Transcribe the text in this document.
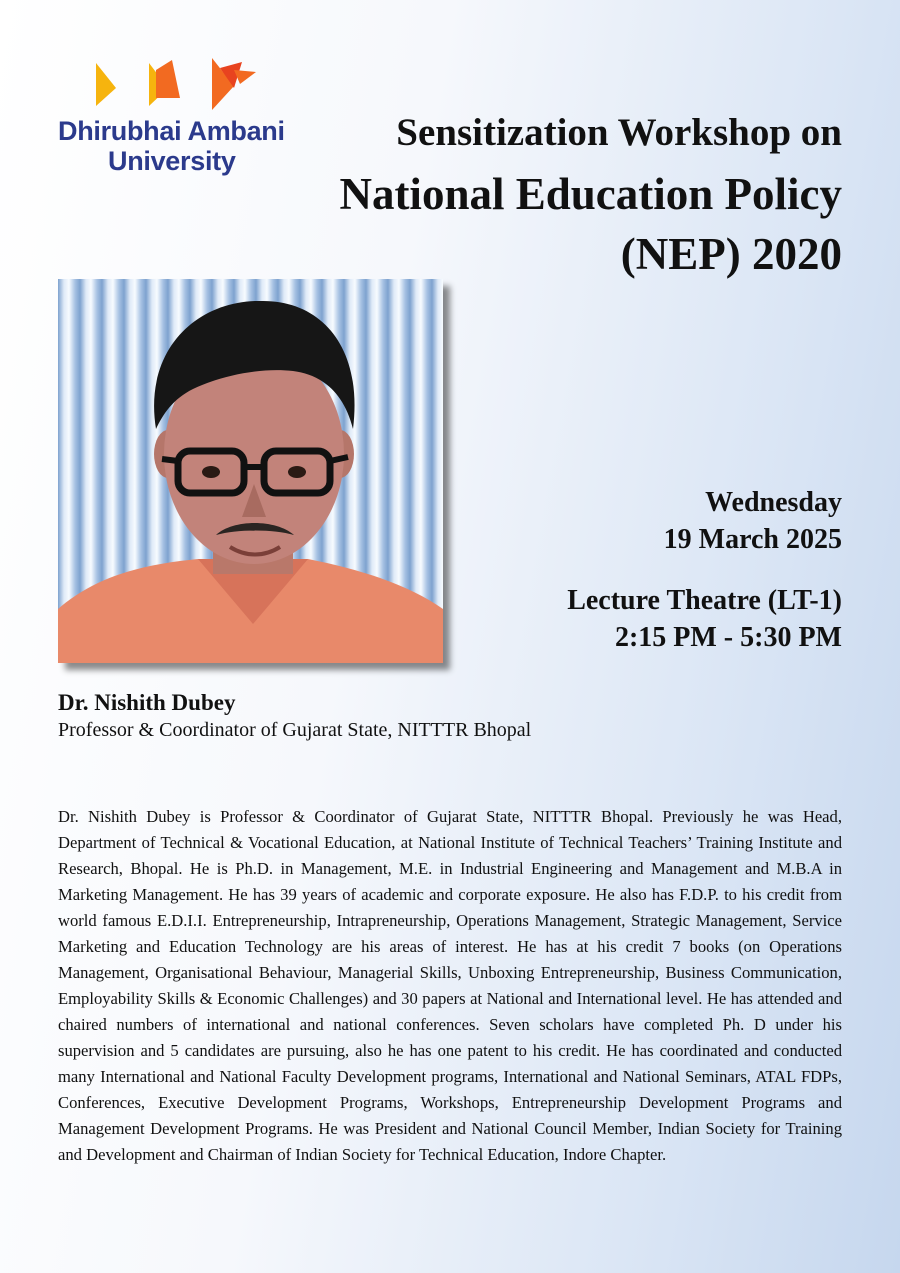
Dhirubhai Ambani
University
Sensitization Workshop on
National Education Policy
(NEP) 2020
Wednesday
19 March 2025
Lecture Theatre (LT-1)
2:15 PM - 5:30 PM
Dr. Nishith Dubey
Professor & Coordinator of Gujarat State, NITTTR Bhopal

Dr. Nishith Dubey is Professor & Coordinator of Gujarat State, NITTTR Bhopal. Previously he was Head, Department of Technical & Vocational Education, at National Institute of Technical Teachers’ Training Institute and Research, Bhopal. He is Ph.D. in Management, M.E. in Industrial Engineering and Management and M.B.A in Marketing Management. He has 39 years of academic and corporate exposure. He also has F.D.P. to his credit from world famous E.D.I.I. Entrepreneurship, Intrapreneurship, Operations Management, Strategic Management, Service Marketing and Education Technology are his areas of interest. He has at his credit 7 books (on Operations Management, Organisational Behaviour, Managerial Skills, Unboxing Entrepreneurship, Business Communication, Employability Skills & Economic Challenges) and 30 papers at National and International level. He has attended and chaired numbers of international and national conferences. Seven scholars have completed Ph. D under his supervision and 5 candidates are pursuing, also he has one patent to his credit. He has coordinated and conducted many International and National Faculty Development programs, International and National Seminars, ATAL FDPs, Conferences, Executive Development Programs, Workshops, Entrepreneurship Development Programs and Management Development Programs. He was President and National Council Member, Indian Society for Training and Development and Chairman of Indian Society for Technical Education, Indore Chapter.
